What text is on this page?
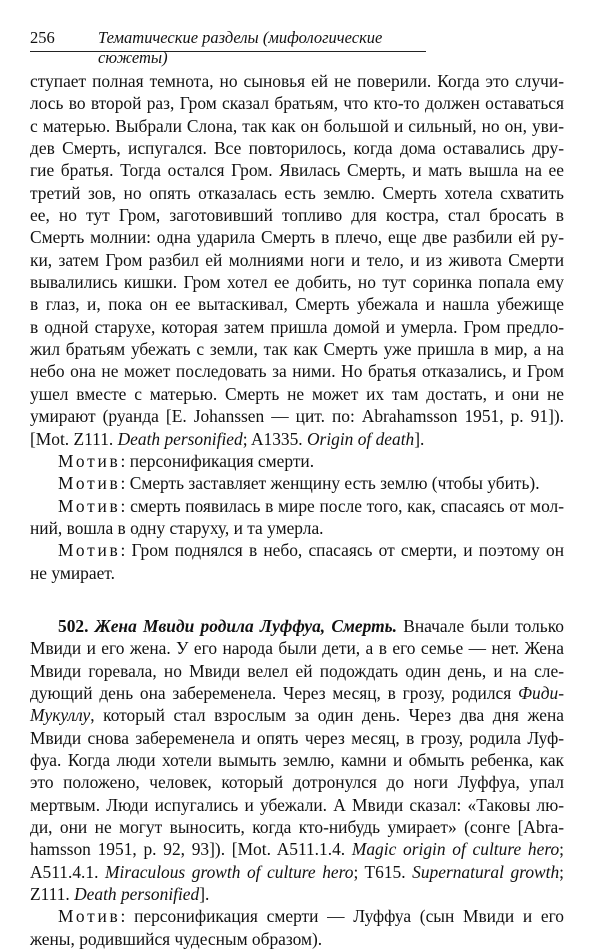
256	Тематические разделы (мифологические сюжеты)
ступает полная темнота, но сыновья ей не поверили. Когда это случи-
лось во второй раз, Гром сказал братьям, что кто-то должен оставаться
с матерью. Выбрали Слона, так как он большой и сильный, но он, уви-
дев Смерть, испугался. Все повторилось, когда дома оставались дру-
гие братья. Тогда остался Гром. Явилась Смерть, и мать вышла на ее
третий зов, но опять отказалась есть землю. Смерть хотела схватить
ее, но тут Гром, заготовивший топливо для костра, стал бросать в
Смерть молнии: одна ударила Смерть в плечо, еще две разбили ей ру-
ки, затем Гром разбил ей молниями ноги и тело, и из живота Смерти
вывалились кишки. Гром хотел ее добить, но тут соринка попала ему
в глаз, и, пока он ее вытаскивал, Смерть убежала и нашла убежище
в одной старухе, которая затем пришла домой и умерла. Гром предло-
жил братьям убежать с земли, так как Смерть уже пришла в мир, а на
небо она не может последовать за ними. Но братья отказались, и Гром
ушел вместе с матерью. Смерть не может их там достать, и они не
умирают (руанда [E. Johanssen — цит. по: Abrahamsson 1951, p. 91]).
[Mot. Z111. Death personified; A1335. Origin of death].
Мотив: персонификация смерти.
Мотив: Смерть заставляет женщину есть землю (чтобы убить).
Мотив: смерть появилась в мире после того, как, спасаясь от мол-
ний, вошла в одну старуху, и та умерла.
Мотив: Гром поднялся в небо, спасаясь от смерти, и поэтому он
не умирает.
502. Жена Мвиди родила Луффуа, Смерть. Вначале были только
Мвиди и его жена. У его народа были дети, а в его семье — нет. Жена
Мвиди горевала, но Мвиди велел ей подождать один день, и на сле-
дующий день она забеременела. Через месяц, в грозу, родился Фиди-
Мукуллу, который стал взрослым за один день. Через два дня жена
Мвиди снова забеременела и опять через месяц, в грозу, родила Луф-
фуа. Когда люди хотели вымыть землю, камни и обмыть ребенка, как
это положено, человек, который дотронулся до ноги Луффуа, упал
мертвым. Люди испугались и убежали. А Мвиди сказал: «Таковы лю-
ди, они не могут выносить, когда кто-нибудь умирает» (сонге [Abra-
hamsson 1951, p. 92, 93]). [Mot. A511.1.4. Magic origin of culture hero;
A511.4.1. Miraculous growth of culture hero; T615. Supernatural growth;
Z111. Death personified].
Мотив: персонификация смерти — Луффуа (сын Мвиди и его
жены, родившийся чудесным образом).
